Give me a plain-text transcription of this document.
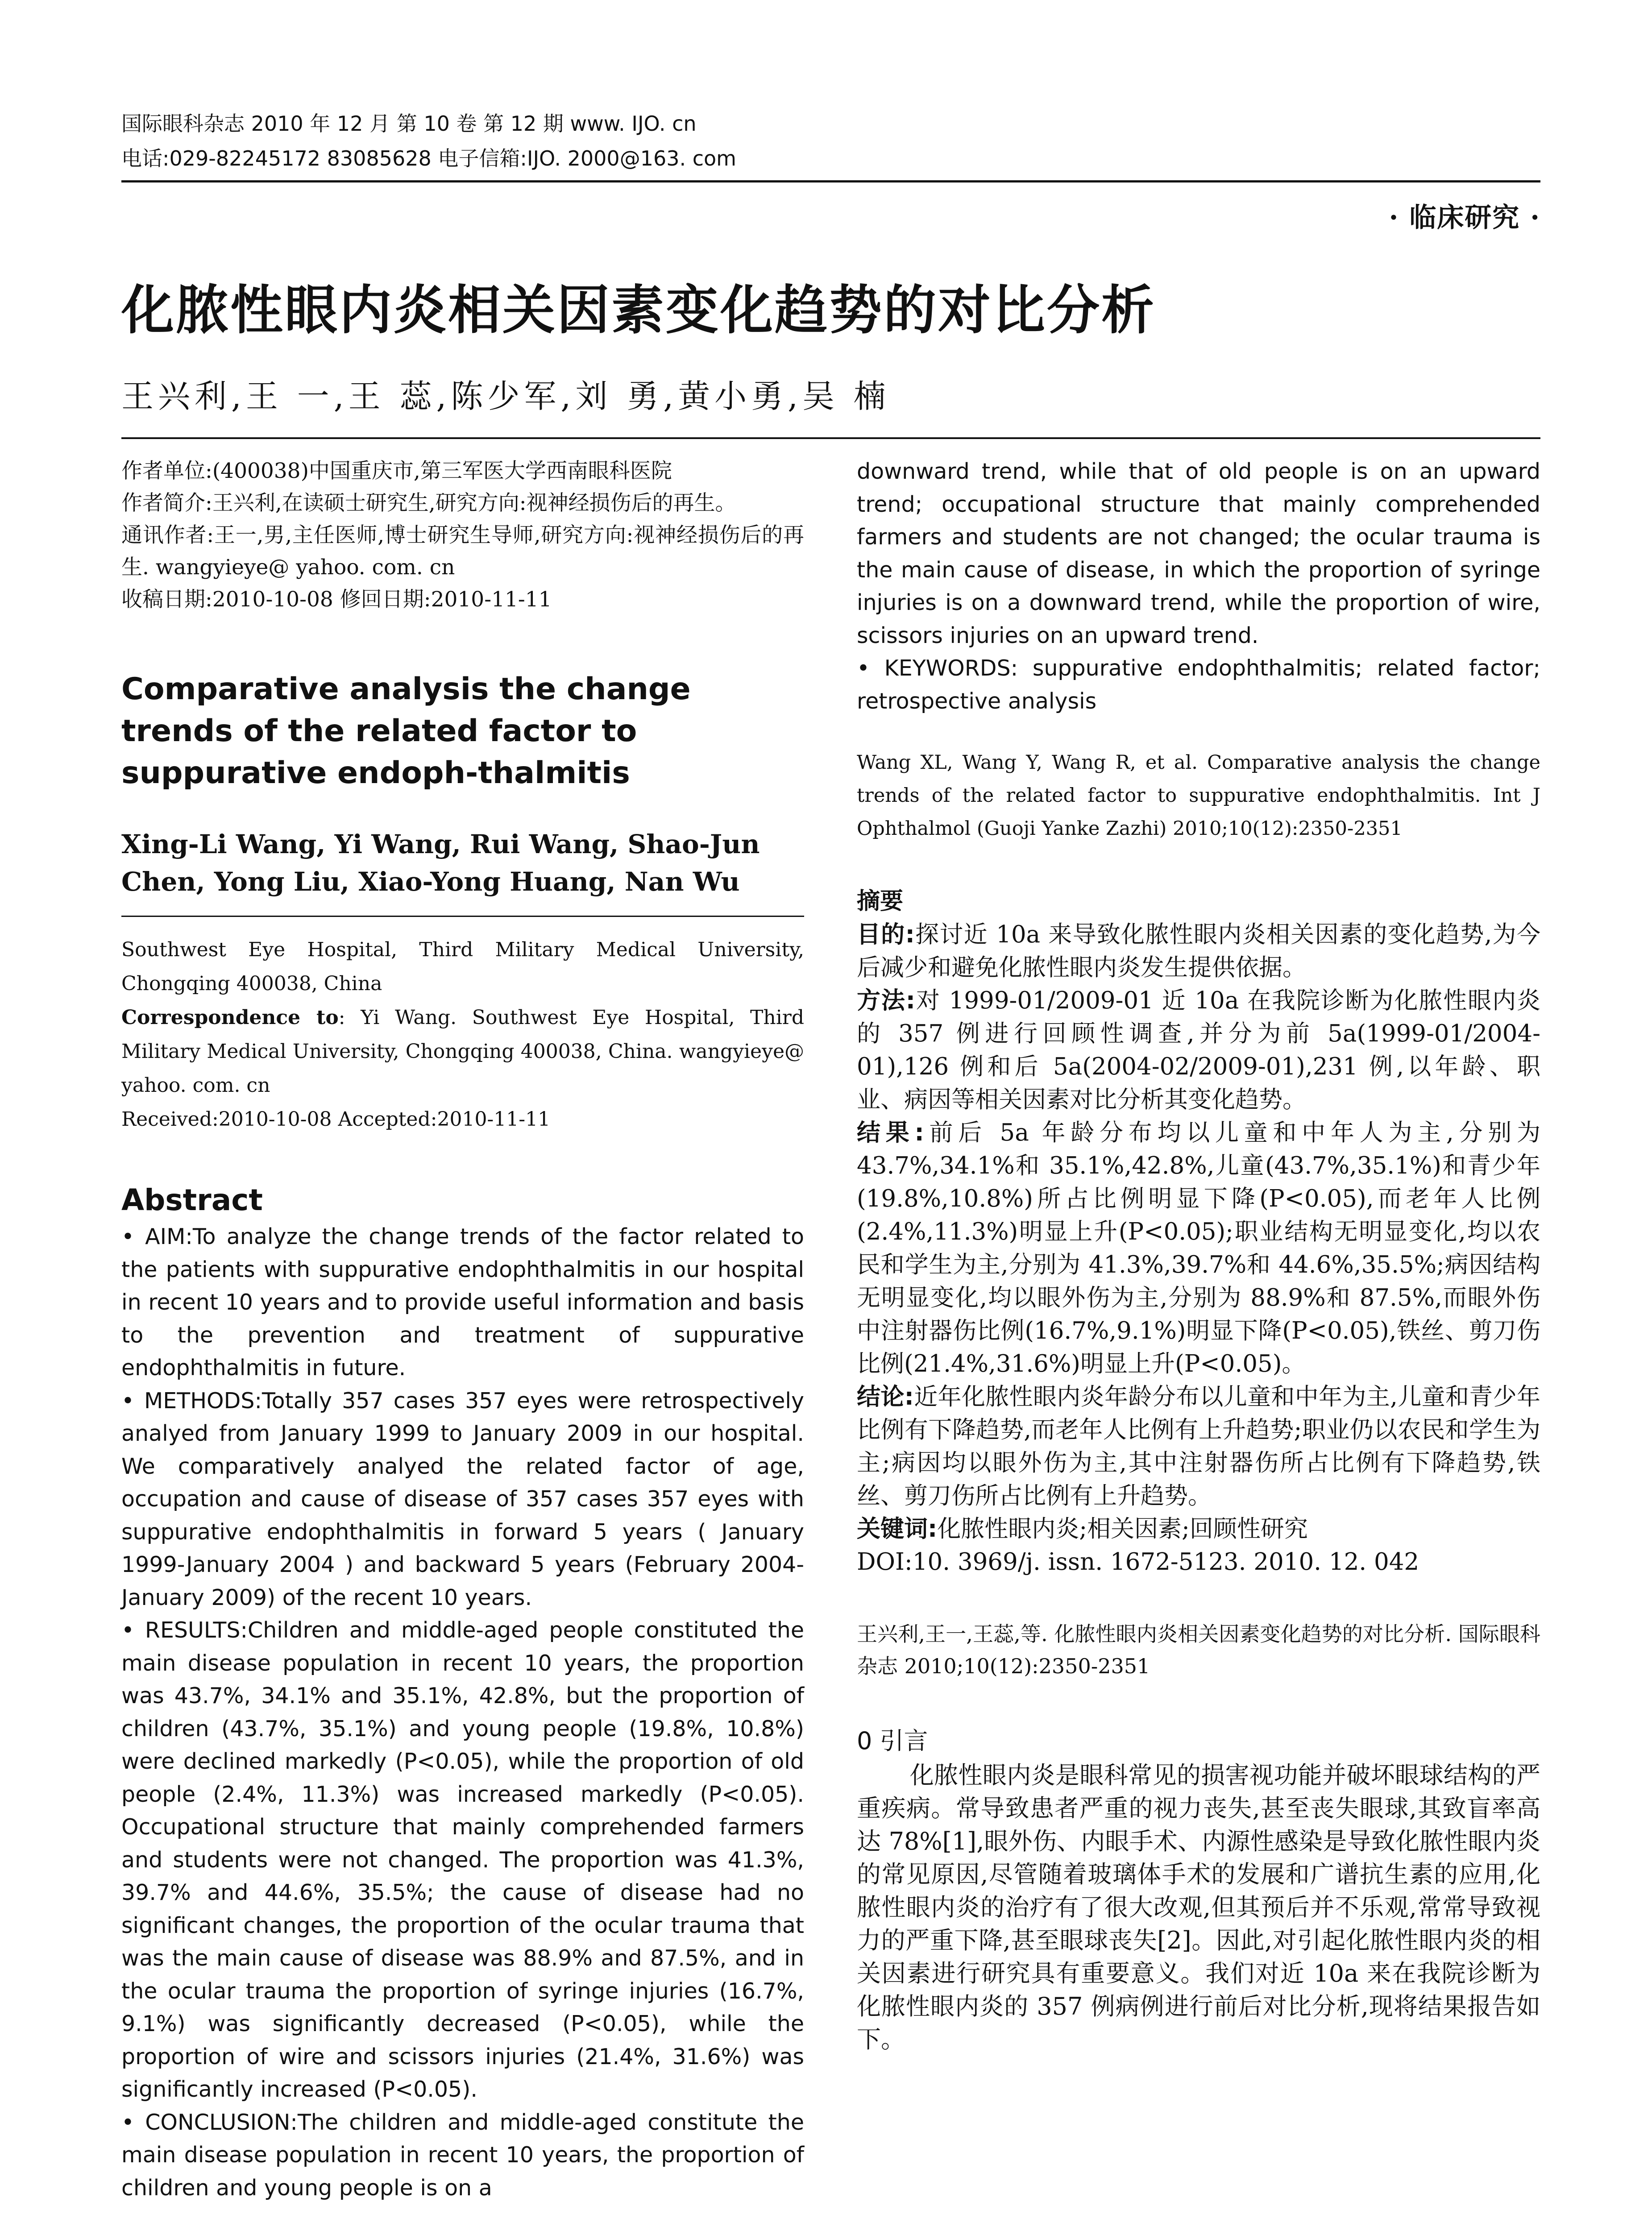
国际眼科杂志 2010 年 12 月 第 10 卷 第 12 期 www. IJO. cn
电话:029-82245172 83085628 电子信箱:IJO. 2000@163. com
· 临床研究 ·
化脓性眼内炎相关因素变化趋势的对比分析
王兴利,王 一,王 蕊,陈少军,刘 勇,黄小勇,吴 楠
作者单位:(400038)中国重庆市,第三军医大学西南眼科医院
作者简介:王兴利,在读硕士研究生,研究方向:视神经损伤后的再生。
通讯作者:王一,男,主任医师,博士研究生导师,研究方向:视神经损伤后的再生. wangyieye@ yahoo. com. cn
收稿日期:2010-10-08 修回日期:2010-11-11
Comparative analysis the change trends of the related factor to suppurative endoph-thalmitis
Xing-Li Wang, Yi Wang, Rui Wang, Shao-Jun Chen, Yong Liu, Xiao-Yong Huang, Nan Wu
Southwest Eye Hospital, Third Military Medical University, Chongqing 400038, China
Correspondence to: Yi Wang. Southwest Eye Hospital, Third Military Medical University, Chongqing 400038, China. wangyieye@ yahoo. com. cn
Received:2010-10-08 Accepted:2010-11-11
Abstract
• AIM:To analyze the change trends of the factor related to the patients with suppurative endophthalmitis in our hospital in recent 10 years and to provide useful information and basis to the prevention and treatment of suppurative endophthalmitis in future.
• METHODS:Totally 357 cases 357 eyes were retrospectively analyed from January 1999 to January 2009 in our hospital. We comparatively analyed the related factor of age, occupation and cause of disease of 357 cases 357 eyes with suppurative endophthalmitis in forward 5 years ( January 1999-January 2004 ) and backward 5 years (February 2004-January 2009) of the recent 10 years.
• RESULTS:Children and middle-aged people constituted the main disease population in recent 10 years, the proportion was 43.7%, 34.1% and 35.1%, 42.8%, but the proportion of children (43.7%, 35.1%) and young people (19.8%, 10.8%) were declined markedly (P<0.05), while the proportion of old people (2.4%, 11.3%) was increased markedly (P<0.05). Occupational structure that mainly comprehended farmers and students were not changed. The proportion was 41.3%, 39.7% and 44.6%, 35.5%; the cause of disease had no significant changes, the proportion of the ocular trauma that was the main cause of disease was 88.9% and 87.5%, and in the ocular trauma the proportion of syringe injuries (16.7%, 9.1%) was significantly decreased (P<0.05), while the proportion of wire and scissors injuries (21.4%, 31.6%) was significantly increased (P<0.05).
• CONCLUSION:The children and middle-aged constitute the main disease population in recent 10 years, the proportion of children and young people is on a
downward trend, while that of old people is on an upward trend; occupational structure that mainly comprehended farmers and students are not changed; the ocular trauma is the main cause of disease, in which the proportion of syringe injuries is on a downward trend, while the proportion of wire, scissors injuries on an upward trend.
• KEYWORDS: suppurative endophthalmitis; related factor; retrospective analysis
Wang XL, Wang Y, Wang R, et al. Comparative analysis the change trends of the related factor to suppurative endophthalmitis. Int J Ophthalmol (Guoji Yanke Zazhi) 2010;10(12):2350-2351
摘要
目的:探讨近 10a 来导致化脓性眼内炎相关因素的变化趋势,为今后减少和避免化脓性眼内炎发生提供依据。
方法:对 1999-01/2009-01 近 10a 在我院诊断为化脓性眼内炎的 357 例进行回顾性调查,并分为前 5a(1999-01/2004-01),126 例和后 5a(2004-02/2009-01),231 例,以年龄、职业、病因等相关因素对比分析其变化趋势。
结果:前后 5a 年龄分布均以儿童和中年人为主,分别为 43.7%,34.1%和 35.1%,42.8%,儿童(43.7%,35.1%)和青少年(19.8%,10.8%)所占比例明显下降(P<0.05),而老年人比例(2.4%,11.3%)明显上升(P<0.05);职业结构无明显变化,均以农民和学生为主,分别为 41.3%,39.7%和 44.6%,35.5%;病因结构无明显变化,均以眼外伤为主,分别为 88.9%和 87.5%,而眼外伤中注射器伤比例(16.7%,9.1%)明显下降(P<0.05),铁丝、剪刀伤比例(21.4%,31.6%)明显上升(P<0.05)。
结论:近年化脓性眼内炎年龄分布以儿童和中年为主,儿童和青少年比例有下降趋势,而老年人比例有上升趋势;职业仍以农民和学生为主;病因均以眼外伤为主,其中注射器伤所占比例有下降趋势,铁丝、剪刀伤所占比例有上升趋势。
关键词:化脓性眼内炎;相关因素;回顾性研究
DOI:10. 3969/j. issn. 1672-5123. 2010. 12. 042
王兴利,王一,王蕊,等. 化脓性眼内炎相关因素变化趋势的对比分析. 国际眼科杂志 2010;10(12):2350-2351
0 引言
化脓性眼内炎是眼科常见的损害视功能并破坏眼球结构的严重疾病。常导致患者严重的视力丧失,甚至丧失眼球,其致盲率高达 78%[1],眼外伤、内眼手术、内源性感染是导致化脓性眼内炎的常见原因,尽管随着玻璃体手术的发展和广谱抗生素的应用,化脓性眼内炎的治疗有了很大改观,但其预后并不乐观,常常导致视力的严重下降,甚至眼球丧失[2]。因此,对引起化脓性眼内炎的相关因素进行研究具有重要意义。我们对近 10a 来在我院诊断为化脓性眼内炎的 357 例病例进行前后对比分析,现将结果报告如下。
